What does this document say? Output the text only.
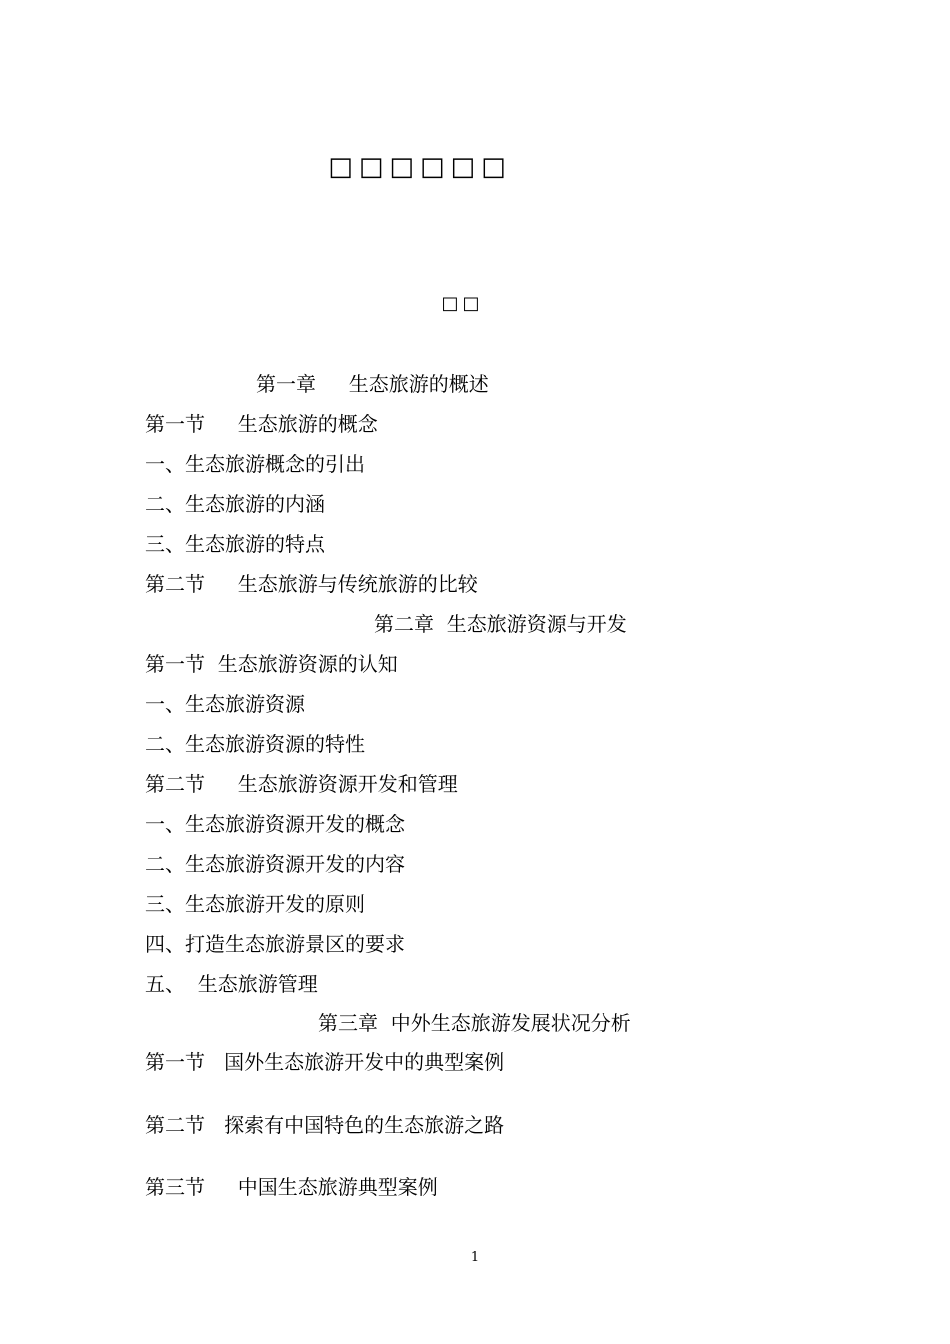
□□□□□□
□□
第一章　  生态旅游的概述
第一节　  生态旅游的概念
一、生态旅游概念的引出
二、生态旅游的内涵
三、生态旅游的特点
第二节　  生态旅游与传统旅游的比较
第二章  生态旅游资源与开发
第一节  生态旅游资源的认知
一、生态旅游资源
二、生态旅游资源的特性
第二节　  生态旅游资源开发和管理
一、生态旅游资源开发的概念
二、生态旅游资源开发的内容
三、生态旅游开发的原则
四、打造生态旅游景区的要求
五、  生态旅游管理
第三章  中外生态旅游发展状况分析
第一节   国外生态旅游开发中的典型案例
第二节   探索有中国特色的生态旅游之路
第三节　  中国生态旅游典型案例
1
